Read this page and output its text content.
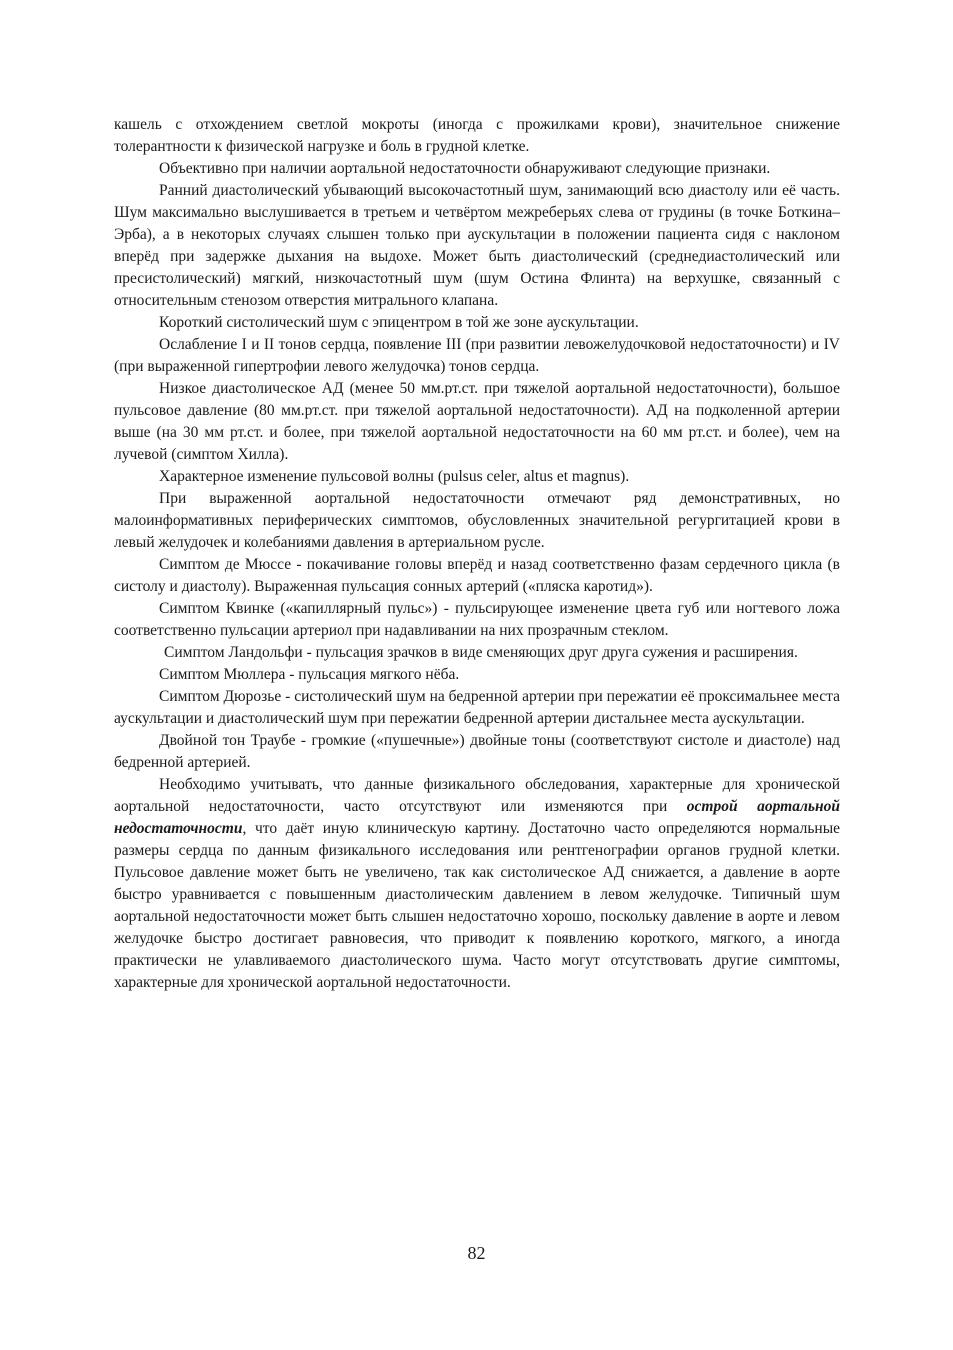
кашель с отхождением светлой мокроты (иногда с прожилками крови), значительное снижение толерантности к физической нагрузке и боль в грудной клетке.

Объективно при наличии аортальной недостаточности обнаруживают следующие признаки.

Ранний диастолический убывающий высокочастотный шум, занимающий всю диастолу или её часть. Шум максимально выслушивается в третьем и четвёртом межреберьях слева от грудины (в точке Боткина–Эрба), а в некоторых случаях слышен только при аускультации в положении пациента сидя с наклоном вперёд при задержке дыхания на выдохе. Может быть диастолический (среднедиастолический или пресистолический) мягкий, низкочастотный шум (шум Остина Флинта) на верхушке, связанный с относительным стенозом отверстия митрального клапана.

Короткий систолический шум с эпицентром в той же зоне аускультации.

Ослабление I и II тонов сердца, появление III (при развитии левожелудочковой недостаточности) и IV (при выраженной гипертрофии левого желудочка) тонов сердца.

Низкое диастолическое АД (менее 50 мм.рт.ст. при тяжелой аортальной недостаточности), большое пульсовое давление (80 мм.рт.ст. при тяжелой аортальной недостаточности). АД на подколенной артерии выше (на 30 мм рт.ст. и более, при тяжелой аортальной недостаточности на 60 мм рт.ст. и более), чем на лучевой (симптом Хилла).

Характерное изменение пульсовой волны (pulsus celer, altus et magnus).

При выраженной аортальной недостаточности отмечают ряд демонстративных, но малоинформативных периферических симптомов, обусловленных значительной регургитацией крови в левый желудочек и колебаниями давления в артериальном русле.

Симптом де Мюссе - покачивание головы вперёд и назад соответственно фазам сердечного цикла (в систолу и диастолу). Выраженная пульсация сонных артерий («пляска каротид»).

Симптом Квинке («капиллярный пульс») - пульсирующее изменение цвета губ или ногтевого ложа соответственно пульсации артериол при надавливании на них прозрачным стеклом.

Симптом Ландольфи - пульсация зрачков в виде сменяющих друг друга сужения и расширения.

Симптом Мюллера - пульсация мягкого нёба.

Симптом Дюрозье - систолический шум на бедренной артерии при пережатии её проксимальнее места аускультации и диастолический шум при пережатии бедренной артерии дистальнее места аускультации.

Двойной тон Траубе - громкие («пушечные») двойные тоны (соответствуют систоле и диастоле) над бедренной артерией.

Необходимо учитывать, что данные физикального обследования, характерные для хронической аортальной недостаточности, часто отсутствуют или изменяются при острой аортальной недостаточности, что даёт иную клиническую картину. Достаточно часто определяются нормальные размеры сердца по данным физикального исследования или рентгенографии органов грудной клетки. Пульсовое давление может быть не увеличено, так как систолическое АД снижается, а давление в аорте быстро уравнивается с повышенным диастолическим давлением в левом желудочке. Типичный шум аортальной недостаточности может быть слышен недостаточно хорошо, поскольку давление в аорте и левом желудочке быстро достигает равновесия, что приводит к появлению короткого, мягкого, а иногда практически не улавливаемого диастолического шума. Часто могут отсутствовать другие симптомы, характерные для хронической аортальной недостаточности.

82
